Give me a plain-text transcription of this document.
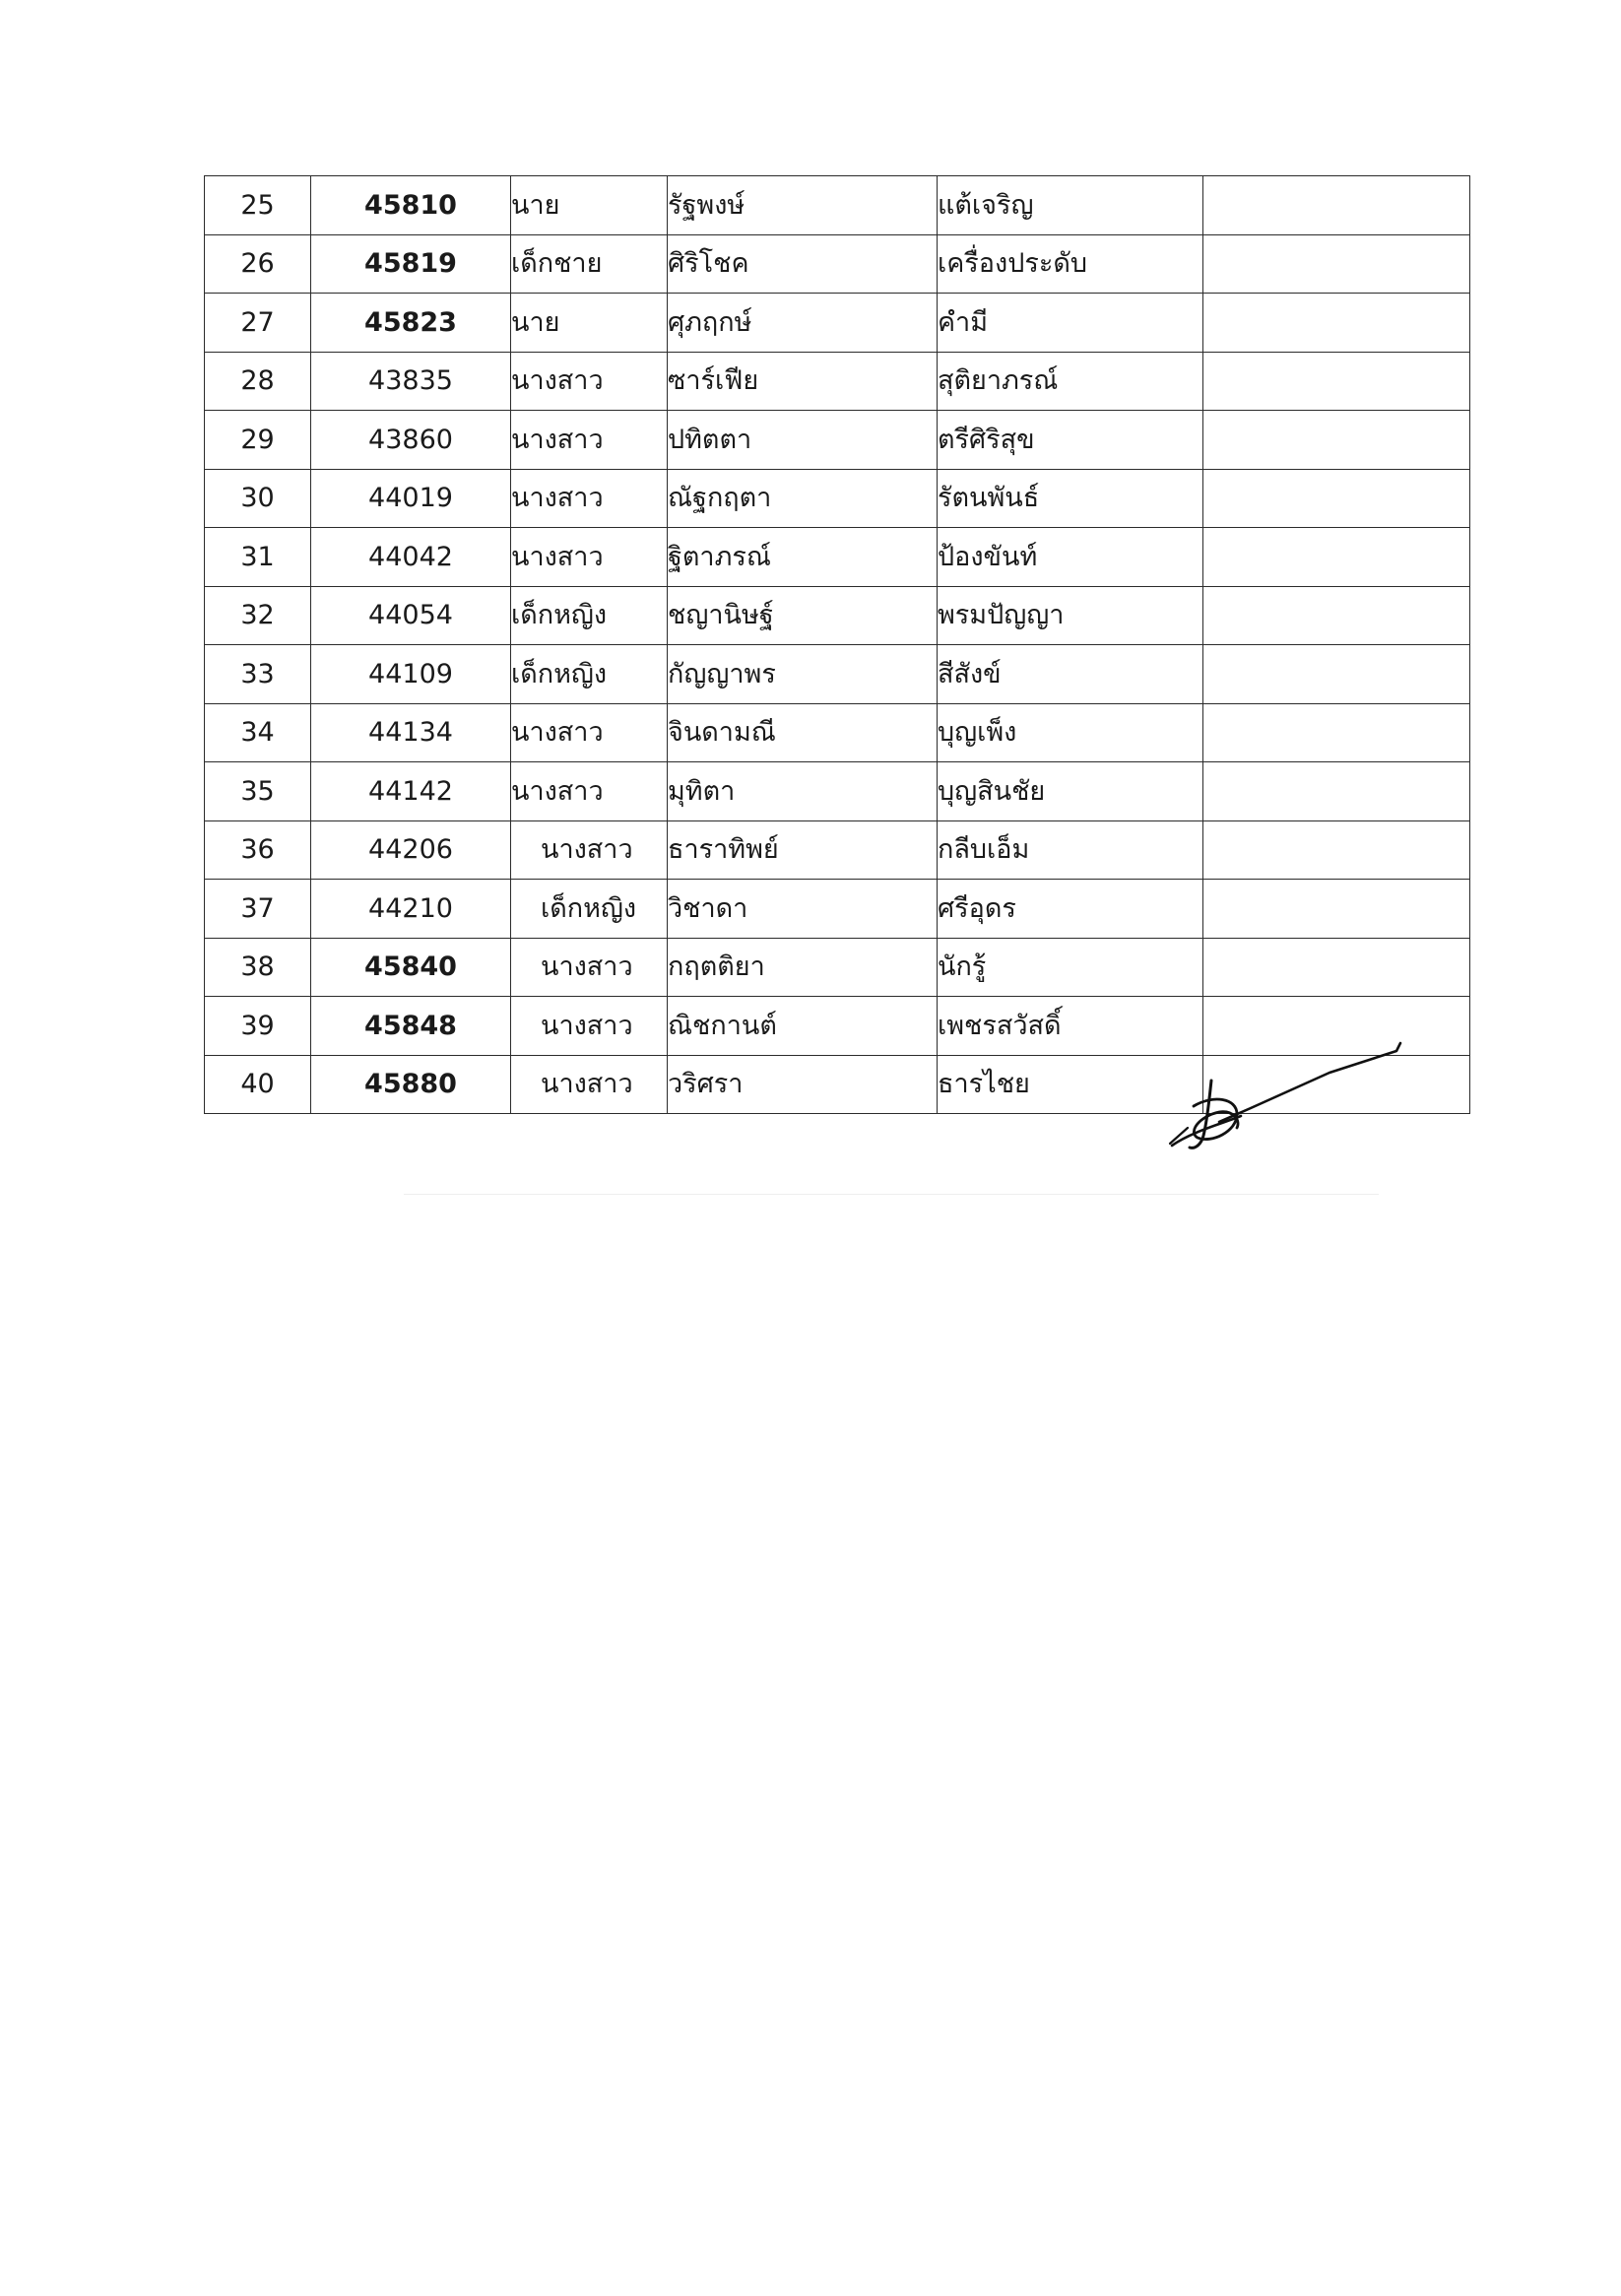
25	45810	นาย	รัฐพงษ์	แต้เจริญ	
26	45819	เด็กชาย	ศิริโชค	เครื่องประดับ	
27	45823	นาย	ศุภฤกษ์	คำมี	
28	43835	นางสาว	ซาร์เฟีย	สุติยาภรณ์	
29	43860	นางสาว	ปทิตตา	ตรีศิริสุข	
30	44019	นางสาว	ณัฐกฤตา	รัตนพันธ์	
31	44042	นางสาว	ฐิตาภรณ์	ป้องขันท์	
32	44054	เด็กหญิง	ชญานิษฐ์	พรมปัญญา	
33	44109	เด็กหญิง	กัญญาพร	สีสังข์	
34	44134	นางสาว	จินดามณี	บุญเพ็ง	
35	44142	นางสาว	มุทิตา	บุญสินชัย	
36	44206	นางสาว	ธาราทิพย์	กลีบเอ็ม	
37	44210	เด็กหญิง	วิชาดา	ศรีอุดร	
38	45840	นางสาว	กฤตติยา	นักรู้	
39	45848	นางสาว	ณิชกานต์	เพชรสวัสดิ์	
40	45880	นางสาว	วริศรา	ธารไชย	
